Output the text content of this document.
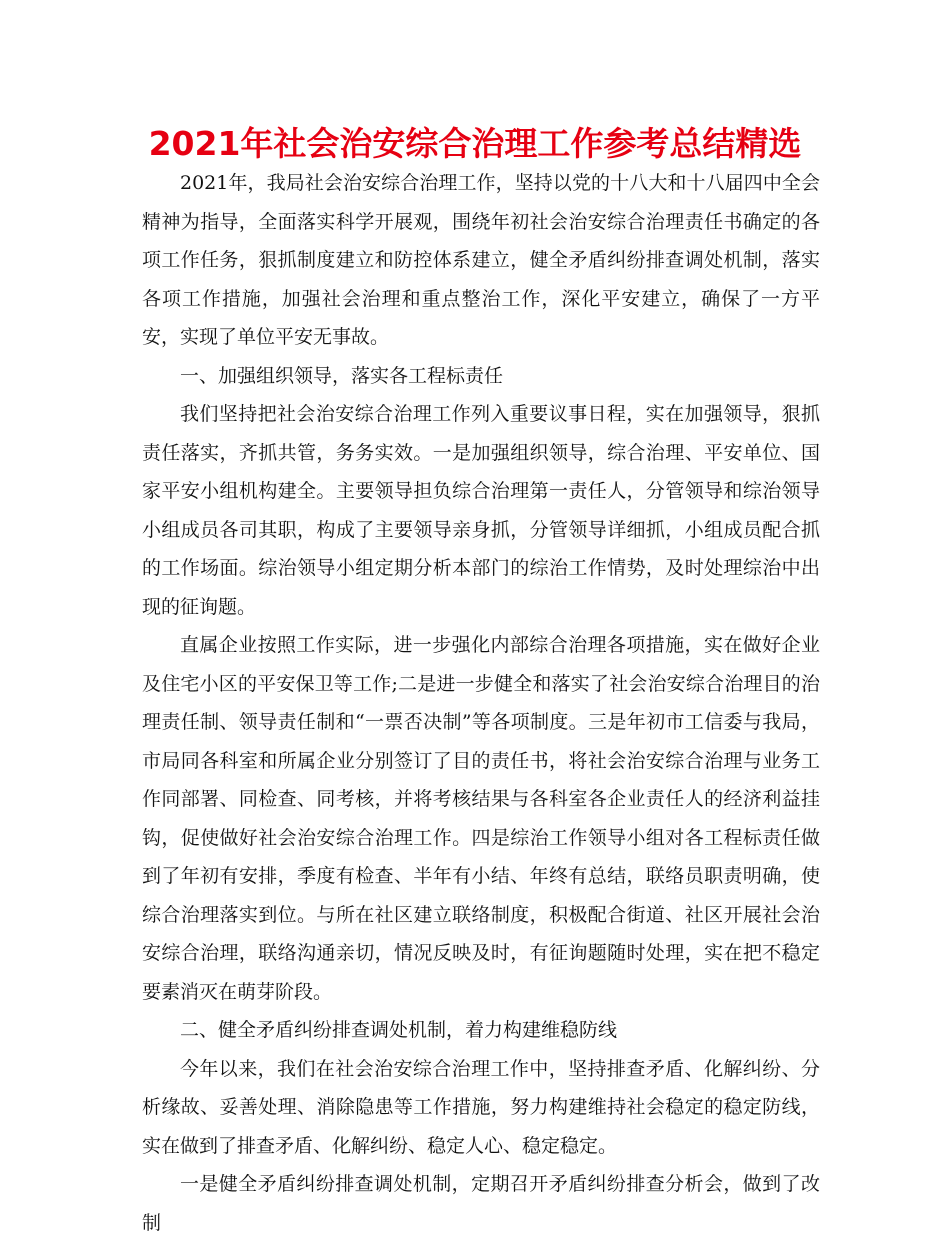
2021年社会治安综合治理工作参考总结精选

2021年，我局社会治安综合治理工作，坚持以党的十八大和十八届四中全会精神为指导，全面落实科学开展观，围绕年初社会治安综合治理责任书确定的各项工作任务，狠抓制度建立和防控体系建立，健全矛盾纠纷排查调处机制，落实各项工作措施，加强社会治理和重点整治工作，深化平安建立，确保了一方平安，实现了单位平安无事故。

一、加强组织领导，落实各工程标责任

我们坚持把社会治安综合治理工作列入重要议事日程，实在加强领导，狠抓责任落实，齐抓共管，务务实效。一是加强组织领导，综合治理、平安单位、国家平安小组机构建全。主要领导担负综合治理第一责任人，分管领导和综治领导小组成员各司其职，构成了主要领导亲身抓，分管领导详细抓，小组成员配合抓的工作场面。综治领导小组定期分析本部门的综治工作情势，及时处理综治中出现的征询题。

直属企业按照工作实际，进一步强化内部综合治理各项措施，实在做好企业及住宅小区的平安保卫等工作;二是进一步健全和落实了社会治安综合治理目的治理责任制、领导责任制和“一票否决制”等各项制度。三是年初市工信委与我局，市局同各科室和所属企业分别签订了目的责任书，将社会治安综合治理与业务工作同部署、同检查、同考核，并将考核结果与各科室各企业责任人的经济利益挂钩，促使做好社会治安综合治理工作。四是综治工作领导小组对各工程标责任做到了年初有安排，季度有检查、半年有小结、年终有总结，联络员职责明确，使综合治理落实到位。与所在社区建立联络制度，积极配合街道、社区开展社会治安综合治理，联络沟通亲切，情况反映及时，有征询题随时处理，实在把不稳定要素消灭在萌芽阶段。

二、健全矛盾纠纷排查调处机制，着力构建维稳防线

今年以来，我们在社会治安综合治理工作中，坚持排查矛盾、化解纠纷、分析缘故、妥善处理、消除隐患等工作措施，努力构建维持社会稳定的稳定防线，实在做到了排查矛盾、化解纠纷、稳定人心、稳定稳定。

一是健全矛盾纠纷排查调处机制，定期召开矛盾纠纷排查分析会，做到了改制
